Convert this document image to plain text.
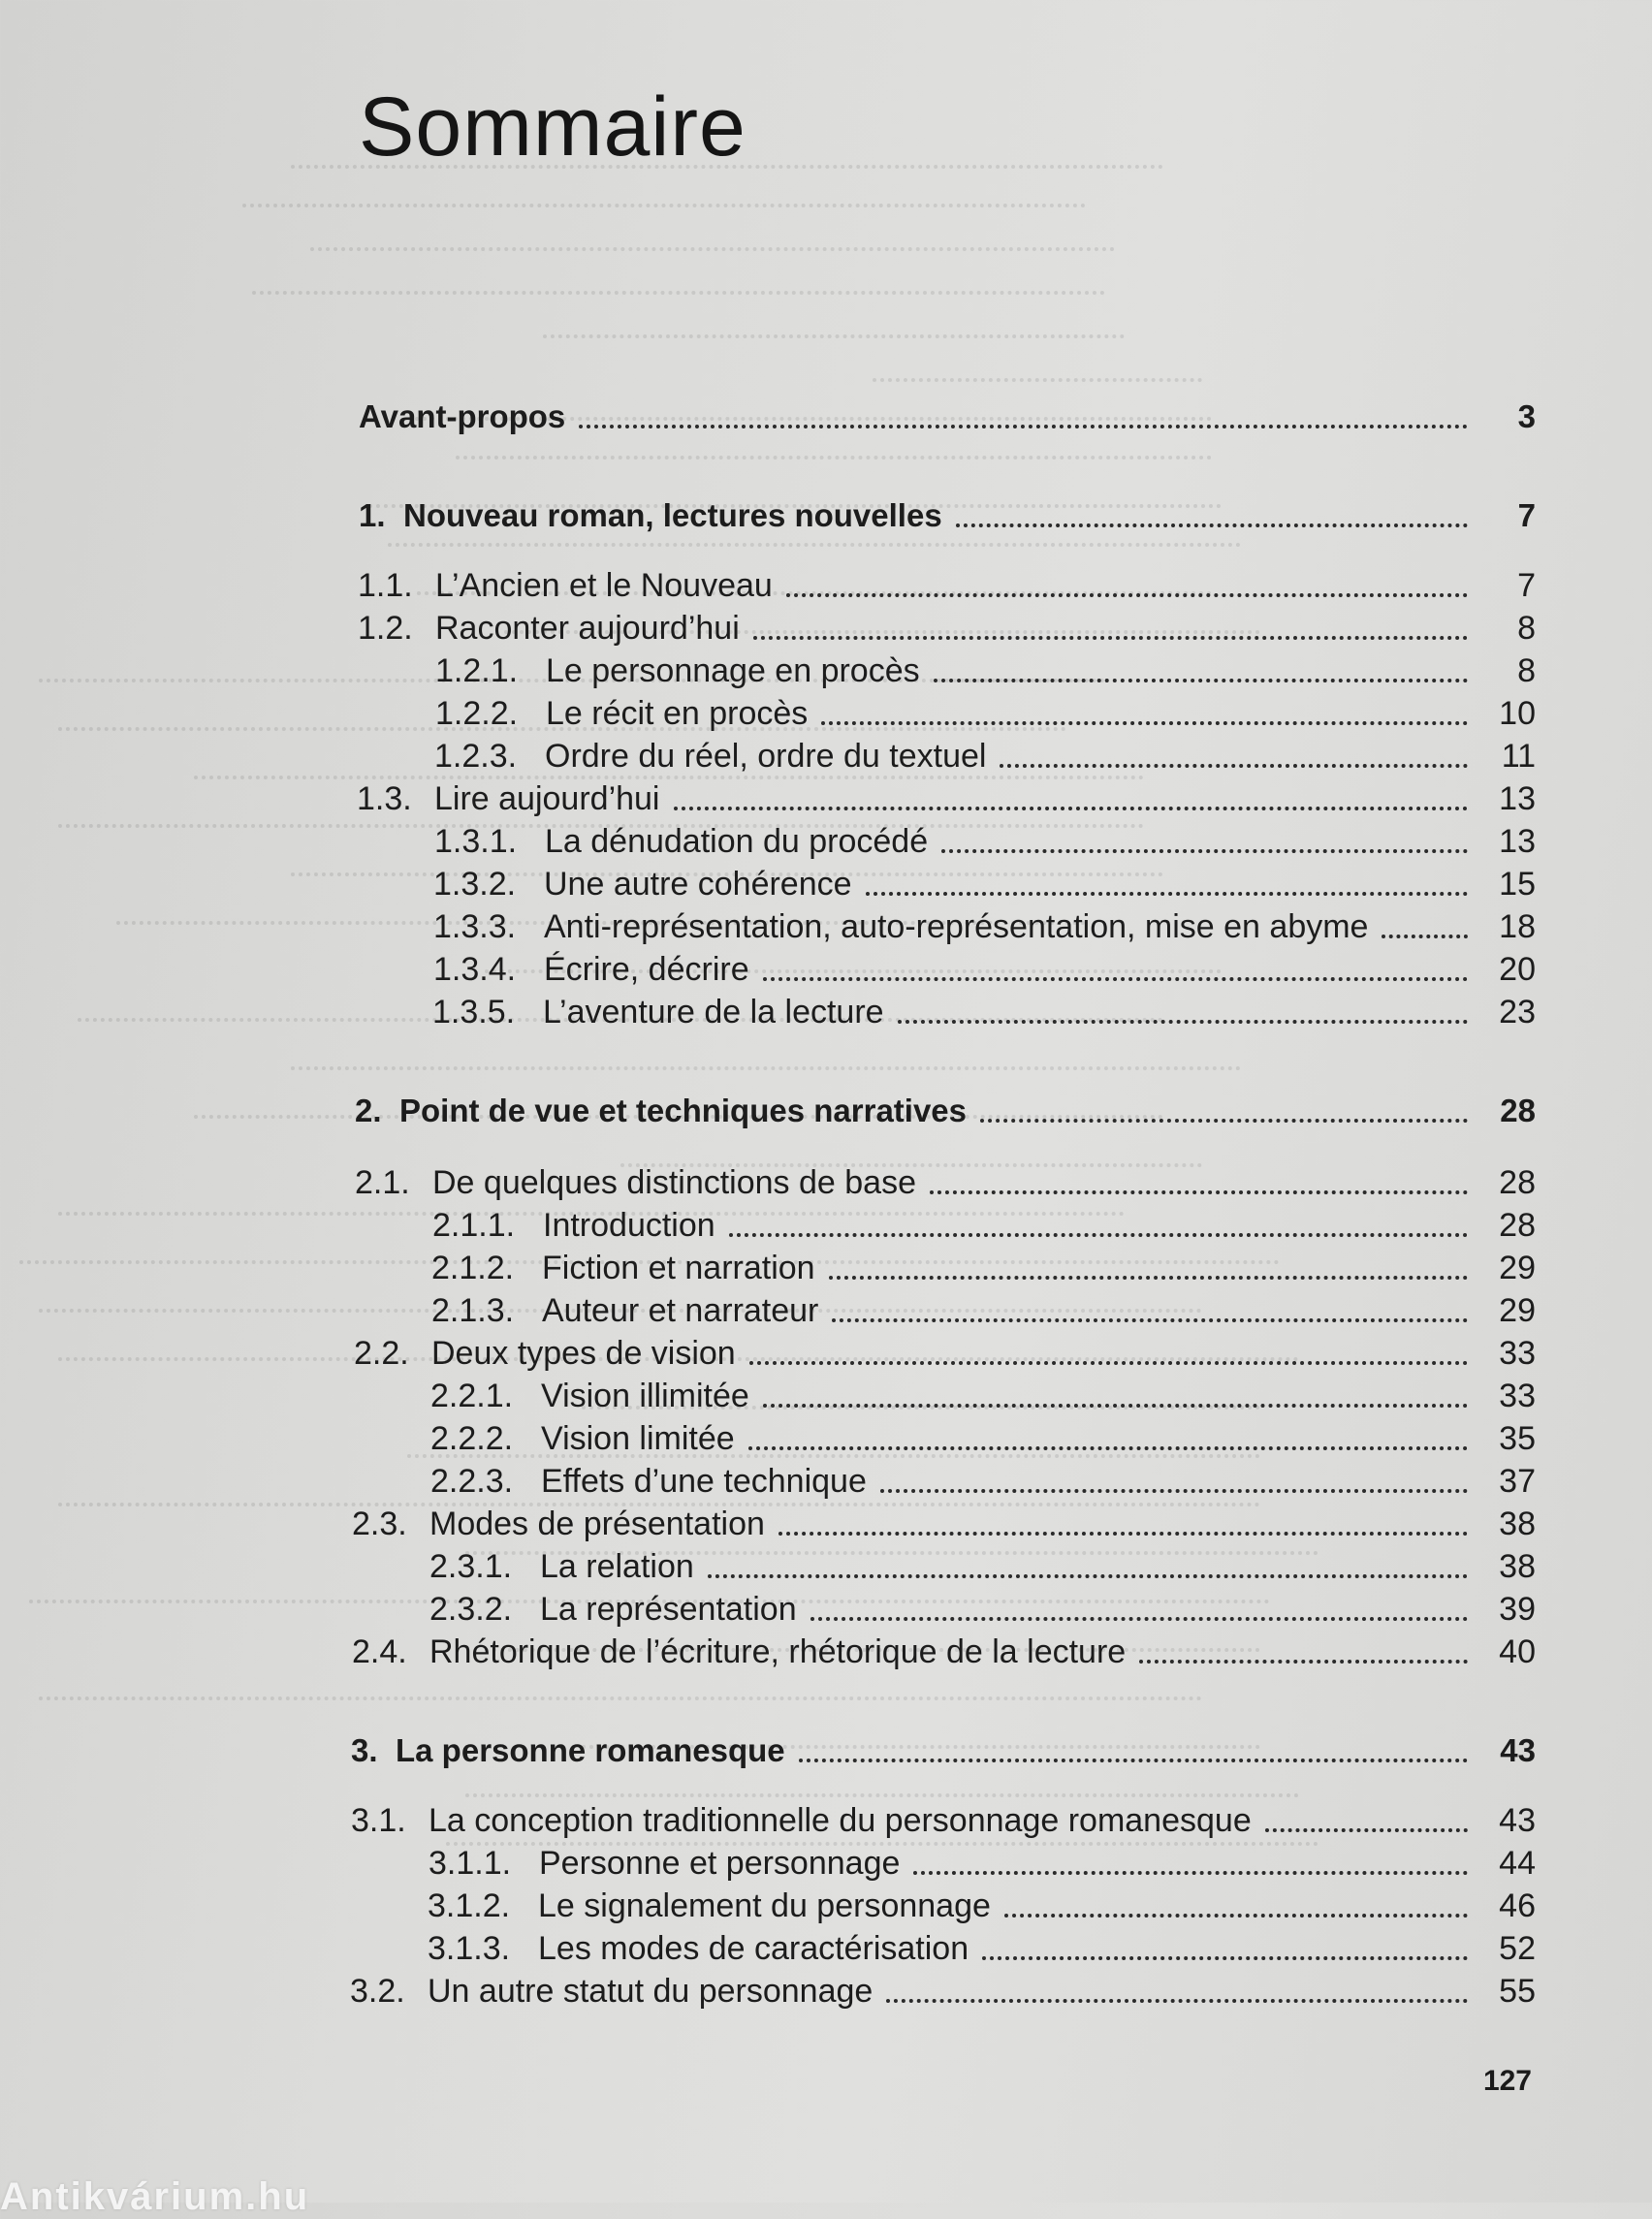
Sommaire
Avant-propos	3
1. Nouveau roman, lectures nouvelles	7
1.1. L’Ancien et le Nouveau	7
1.2. Raconter aujourd’hui	8
1.2.1. Le personnage en procès	8
1.2.2. Le récit en procès	10
1.2.3. Ordre du réel, ordre du textuel	11
1.3. Lire aujourd’hui	13
1.3.1. La dénudation du procédé	13
1.3.2. Une autre cohérence	15
1.3.3. Anti-représentation, auto-représentation, mise en abyme	18
1.3.4. Écrire, décrire	20
1.3.5. L’aventure de la lecture	23
2. Point de vue et techniques narratives	28
2.1. De quelques distinctions de base	28
2.1.1. Introduction	28
2.1.2. Fiction et narration	29
2.1.3. Auteur et narrateur	29
2.2. Deux types de vision	33
2.2.1. Vision illimitée	33
2.2.2. Vision limitée	35
2.2.3. Effets d’une technique	37
2.3. Modes de présentation	38
2.3.1. La relation	38
2.3.2. La représentation	39
2.4. Rhétorique de l’écriture, rhétorique de la lecture	40
3. La personne romanesque	43
3.1. La conception traditionnelle du personnage romanesque	43
3.1.1. Personne et personnage	44
3.1.2. Le signalement du personnage	46
3.1.3. Les modes de caractérisation	52
3.2. Un autre statut du personnage	55
127
Antikvárium.hu
